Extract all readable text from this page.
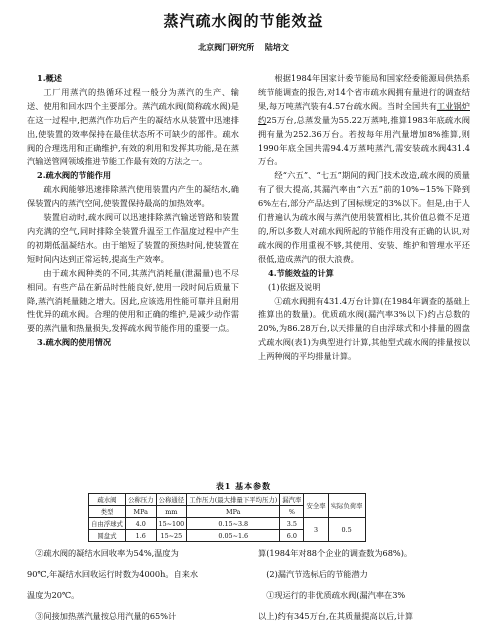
蒸汽疏水阀的节能效益
北京阀门研究所 陆培文
1.概述

工厂用蒸汽的热循环过程一般分为蒸汽的生产、输送、使用和回水四个主要部分。蒸汽疏水阀(简称疏水阀)是在这一过程中,把蒸汽作功后产生的凝结水从装置中迅速排出,使装置的效率保持在最佳状态所不可缺少的部件。疏水阀的合理选用和正确维护,有效的利用和发挥其功能,是在蒸汽输送管网领域推进节能工作最有效的方法之一。

2.疏水阀的节能作用

疏水阀能够迅速排除蒸汽使用装置内产生的凝结水,确保装置内的蒸汽空间,使装置保持最高的加热效率。

装置启动时,疏水阀可以迅速排除蒸汽输送管路和装置内充满的空气,同时排除全装置升温至工作温度过程中产生的初期低温凝结水。由于缩短了装置的预热时间,使装置在短时间内达到正常运转,提高生产效率。

由于疏水阀种类的不同,其蒸汽消耗量(泄漏量)也不尽相同。有些产品在新品时性能良好,使用一段时间后质量下降,蒸汽消耗量随之增大。因此,应该选用性能可靠并且耐用性优异的疏水阀。合理的使用和正确的维护,是减少动作需要的蒸汽量和热量损失,发挥疏水阀节能作用的重要一点。

3.疏水阀的使用情况

根据1984年国家计委节能局和国家经委能源局供热系统节能调查的报告,对14个省市疏水阀拥有量进行的调查结果,每万吨蒸汽装有4.57台疏水阀。当时全国共有工业锅炉约25万台,总蒸发量为55.22万蒸吨,推算1983年底疏水阀拥有量为252.36万台。若按每年用汽量增加8%推算,则1990年底全国共需94.4万蒸吨蒸汽,需安装疏水阀431.4万台。

经“六五”、“七五”期间的阀门技术改造,疏水阀的质量有了很大提高,其漏汽率由“六五”前的10%~15%下降到6%左右,部分产品达到了国标规定的3%以下。但是,由于人们普遍认为疏水阀与蒸汽使用装置相比,其价值总微不足道的,所以多数人对疏水阀所起的节能作用没有正确的认识,对疏水阀的作用重视不够,其使用、安装、维护和管理水平还很低,造成蒸汽的很大浪费。

4.节能效益的计算

(1)依据及说明

①疏水阀拥有431.4万台计算(在1984年调查的基础上推算出的数量)。优质疏水阀(漏汽率3%以下)约占总数的20%,为86.28万台,以天排量的自由浮球式和小排量的圆盘式疏水阀(表1)为典型进行计算,其他型式疏水阀的排量按以上两种阀的平均排量计算。

表1 基本参数
疏水阀	公称压力	公称通径	工作压力(最大排量下平均压力)	漏汽率	安全率	实际负荷率
类型	MPa	mm	MPa	%		
自由浮球式	4.0	15~100	0.15~3.8	3.5	3	0.5
圆盘式	1.6	15~25	0.05~1.6	6.0		

②疏水阀的凝结水回收率为54%,温度为

90℃,年凝结水回收运行时数为4000h。自来水

温度为20℃。

③间接加热蒸汽量按总用汽量的65%计

算(1984年对88个企业的调查数为68%)。

(2)漏汽节选标后的节能潜力

①现运行的非优质疏水阀(漏汽率在3%

以上)约有345万台,在其质量提高以后,计算
